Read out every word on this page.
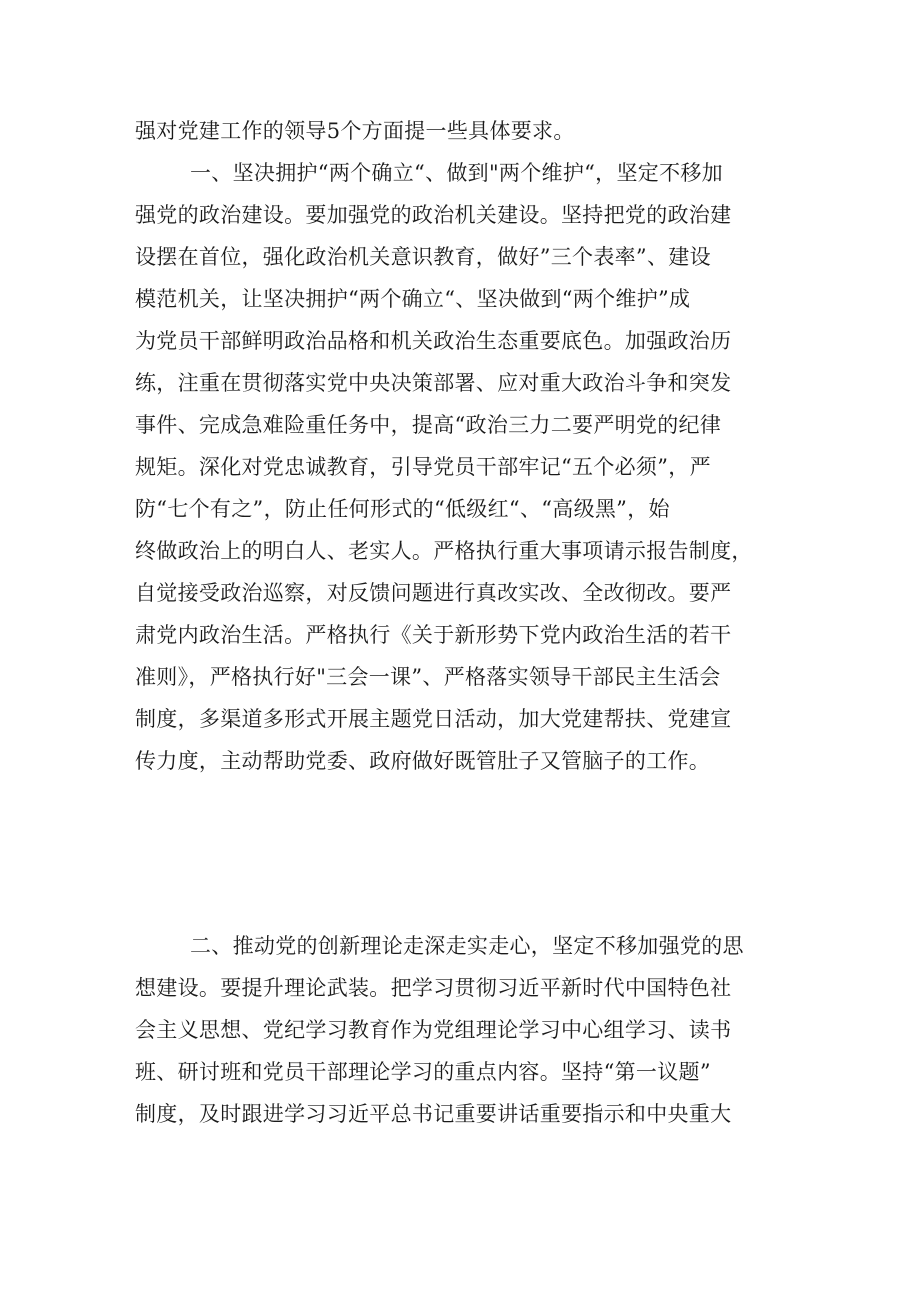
强对党建工作的领导5个方面提一些具体要求。
一、坚决拥护“两个确立“、做到"两个维护“，坚定不移加
强党的政治建设。要加强党的政治机关建设。坚持把党的政治建
设摆在首位，强化政治机关意识教育，做好”三个表率”、建设
模范机关，让坚决拥护“两个确立“、坚决做到“两个维护”成
为党员干部鲜明政治品格和机关政治生态重要底色。加强政治历
练，注重在贯彻落实党中央决策部署、应对重大政治斗争和突发
事件、完成急难险重任务中，提高“政治三力二要严明党的纪律
规矩。深化对党忠诚教育，引导党员干部牢记“五个必须”，严
防“七个有之”，防止任何形式的“低级红“、“高级黑”，始
终做政治上的明白人、老实人。严格执行重大事项请示报告制度，
自觉接受政治巡察，对反馈问题进行真改实改、全改彻改。要严
肃党内政治生活。严格执行《关于新形势下党内政治生活的若干
准则》，严格执行好"三会一课”、严格落实领导干部民主生活会
制度，多渠道多形式开展主题党日活动，加大党建帮扶、党建宣
传力度，主动帮助党委、政府做好既管肚子又管脑子的工作。
二、推动党的创新理论走深走实走心，坚定不移加强党的思
想建设。要提升理论武装。把学习贯彻习近平新时代中国特色社
会主义思想、党纪学习教育作为党组理论学习中心组学习、读书
班、研讨班和党员干部理论学习的重点内容。坚持“第一议题”
制度，及时跟进学习习近平总书记重要讲话重要指示和中央重大
